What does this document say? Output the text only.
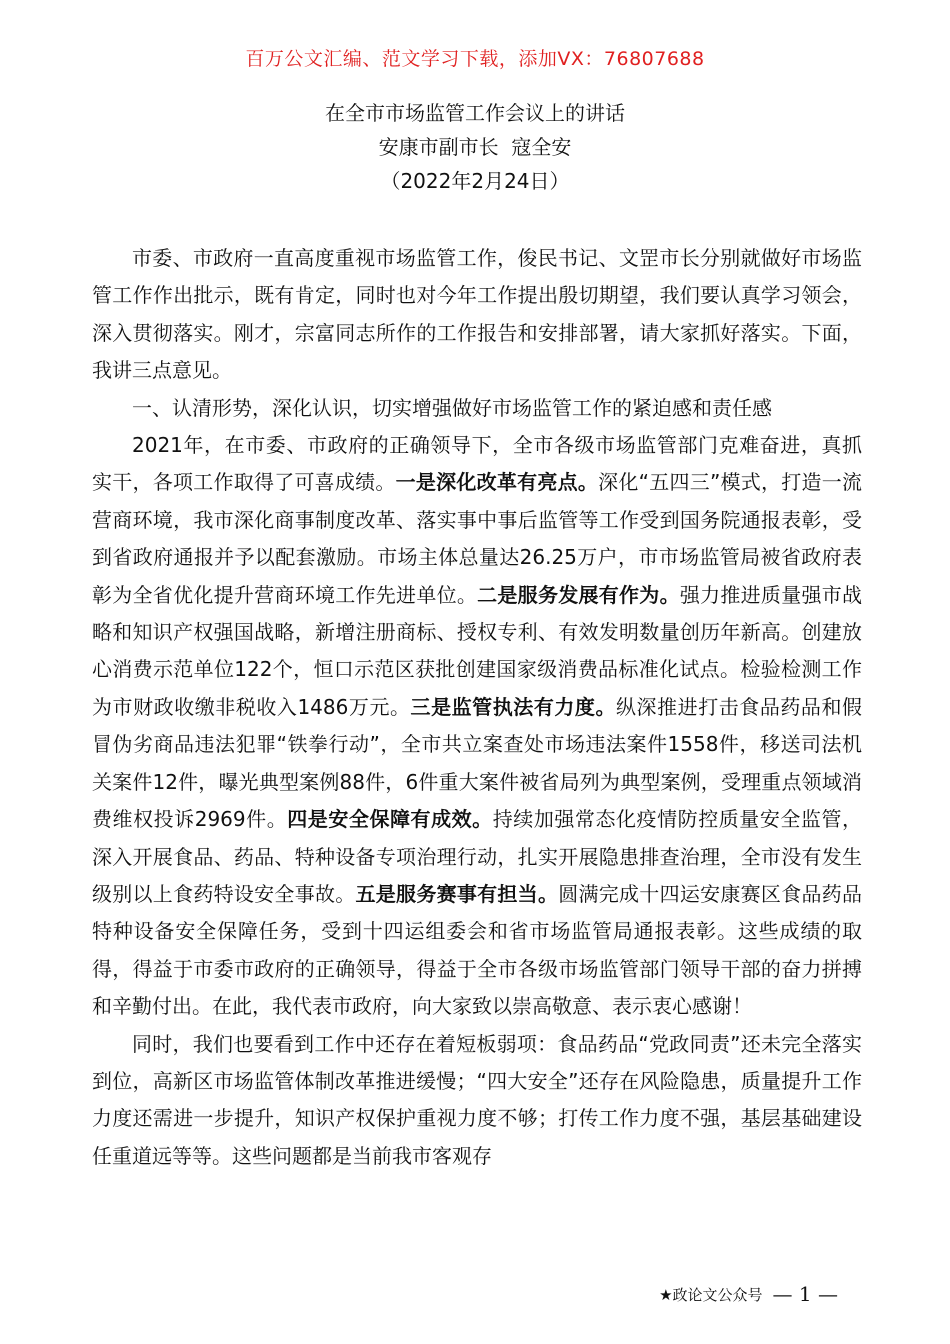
百万公文汇编、范文学习下载，添加VX：76807688
在全市市场监管工作会议上的讲话
安康市副市长  寇全安
（2022年2月24日）

市委、市政府一直高度重视市场监管工作，俊民书记、文罡市长分别就做好市场监管工作作出批示，既有肯定，同时也对今年工作提出殷切期望，我们要认真学习领会，深入贯彻落实。刚才，宗富同志所作的工作报告和安排部署，请大家抓好落实。下面，我讲三点意见。

一、认清形势，深化认识，切实增强做好市场监管工作的紧迫感和责任感

2021年，在市委、市政府的正确领导下，全市各级市场监管部门克难奋进，真抓实干，各项工作取得了可喜成绩。一是深化改革有亮点。深化“五四三”模式，打造一流营商环境，我市深化商事制度改革、落实事中事后监管等工作受到国务院通报表彰，受到省政府通报并予以配套激励。市场主体总量达26.25万户，市市场监管局被省政府表彰为全省优化提升营商环境工作先进单位。二是服务发展有作为。强力推进质量强市战略和知识产权强国战略，新增注册商标、授权专利、有效发明数量创历年新高。创建放心消费示范单位122个，恒口示范区获批创建国家级消费品标准化试点。检验检测工作为市财政收缴非税收入1486万元。三是监管执法有力度。纵深推进打击食品药品和假冒伪劣商品违法犯罪“铁拳行动”，全市共立案查处市场违法案件1558件，移送司法机关案件12件，曝光典型案例88件，6件重大案件被省局列为典型案例，受理重点领域消费维权投诉2969件。四是安全保障有成效。持续加强常态化疫情防控质量安全监管，深入开展食品、药品、特种设备专项治理行动，扎实开展隐患排查治理，全市没有发生级别以上食药特设安全事故。五是服务赛事有担当。圆满完成十四运安康赛区食品药品特种设备安全保障任务，受到十四运组委会和省市场监管局通报表彰。这些成绩的取得，得益于市委市政府的正确领导，得益于全市各级市场监管部门领导干部的奋力拼搏和辛勤付出。在此，我代表市政府，向大家致以崇高敬意、表示衷心感谢！

同时，我们也要看到工作中还存在着短板弱项：食品药品“党政同责”还未完全落实到位，高新区市场监管体制改革推进缓慢；“四大安全”还存在风险隐患，质量提升工作力度还需进一步提升，知识产权保护重视力度不够；打传工作力度不强，基层基础建设任重道远等等。这些问题都是当前我市客观存

★政论文公众号 — 1 —
